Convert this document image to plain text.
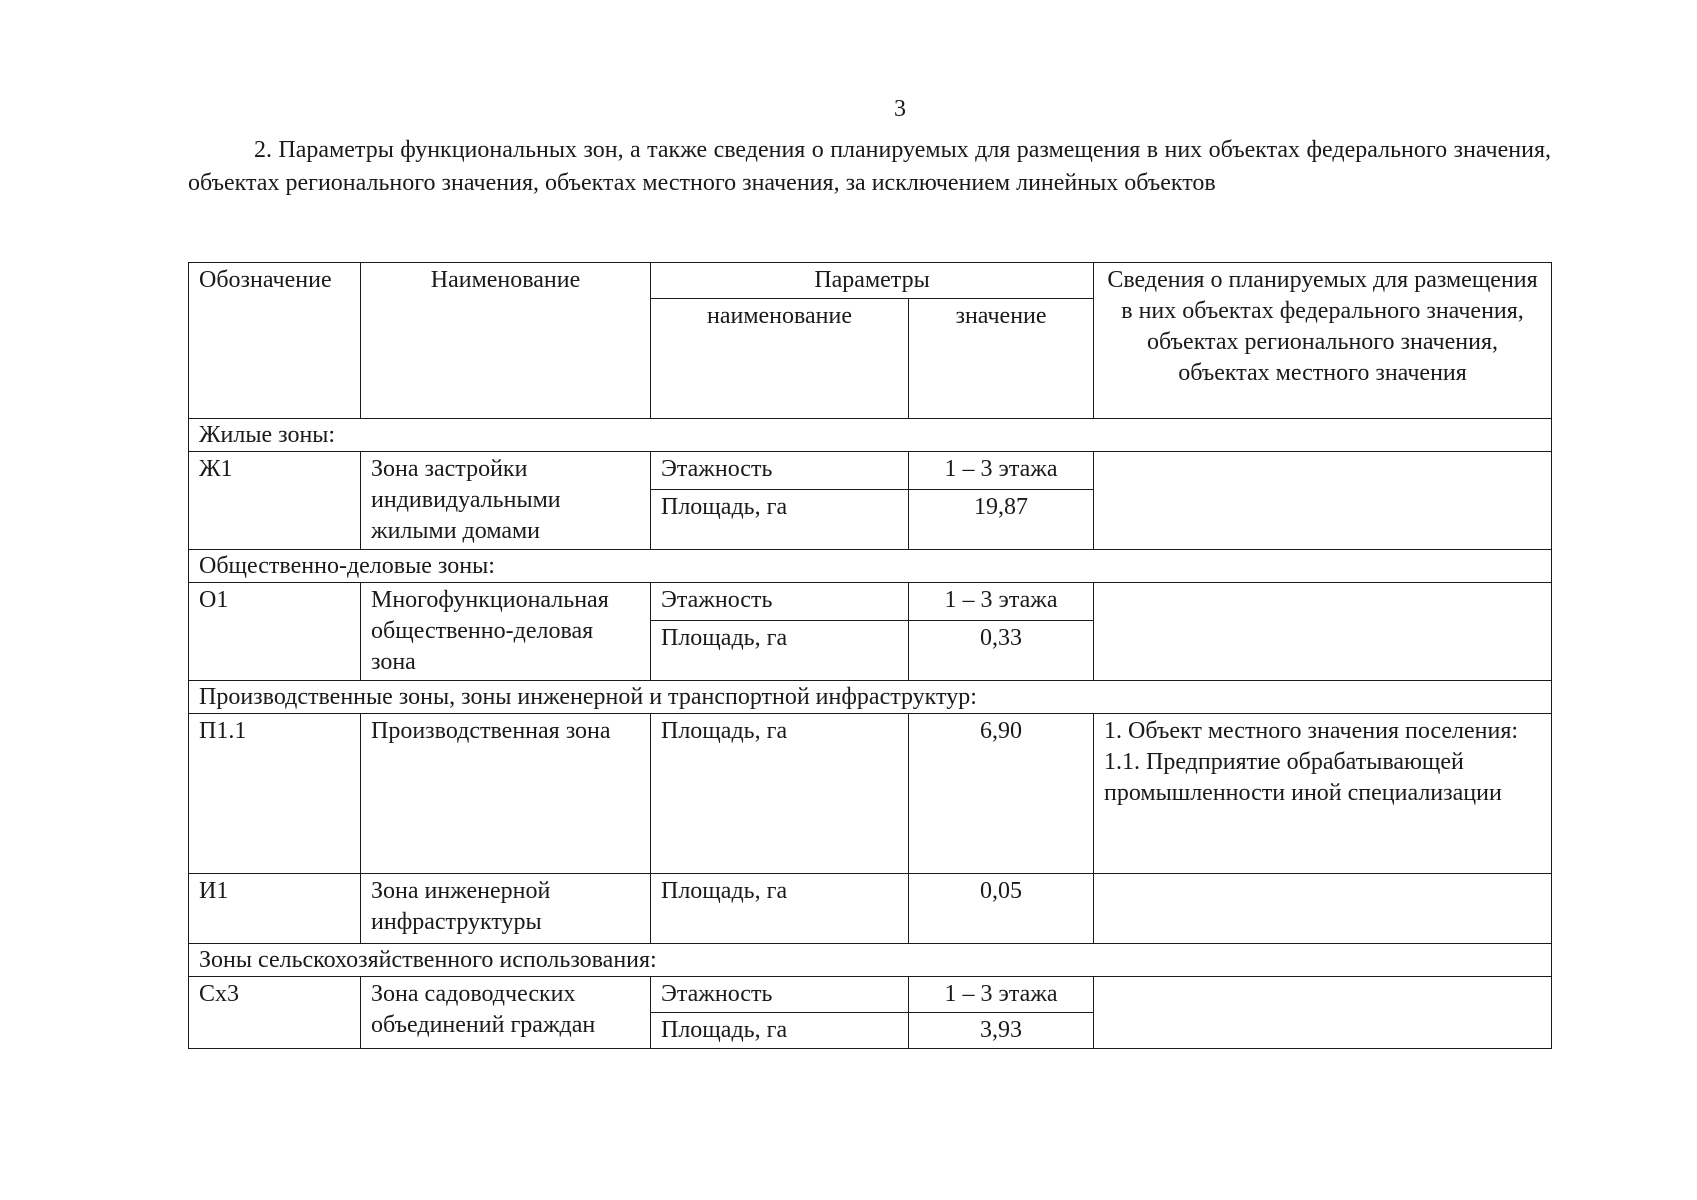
3

2. Параметры функциональных зон, а также сведения о планируемых для размещения в них объектах федерального значения, объектах регионального значения, объектах местного значения, за исключением линейных объектов

Обозначение	Наименование	Параметры		Сведения о планируемых для размещения в них объектах федерального значения, объектах регионального значения, объектах местного значения
		наименование	значение	
Жилые зоны:				
Ж1	Зона застройки индивидуальными жилыми домами	Этажность	1 – 3 этажа	
		Площадь, га	19,87	
Общественно-деловые зоны:				
О1	Многофункциональная общественно-деловая зона	Этажность	1 – 3 этажа	
		Площадь, га	0,33	
Производственные зоны, зоны инженерной и транспортной инфраструктур:				
П1.1	Производственная зона	Площадь, га	6,90	1. Объект местного значения поселения:
1.1. Предприятие обрабатывающей промышленности иной специализации

И1	Зона инженерной инфраструктуры	Площадь, га	0,05	
Зоны сельскохозяйственного использования:				
Сх3	Зона садоводческих объединений граждан	Этажность	1 – 3 этажа	
		Площадь, га	3,93	
